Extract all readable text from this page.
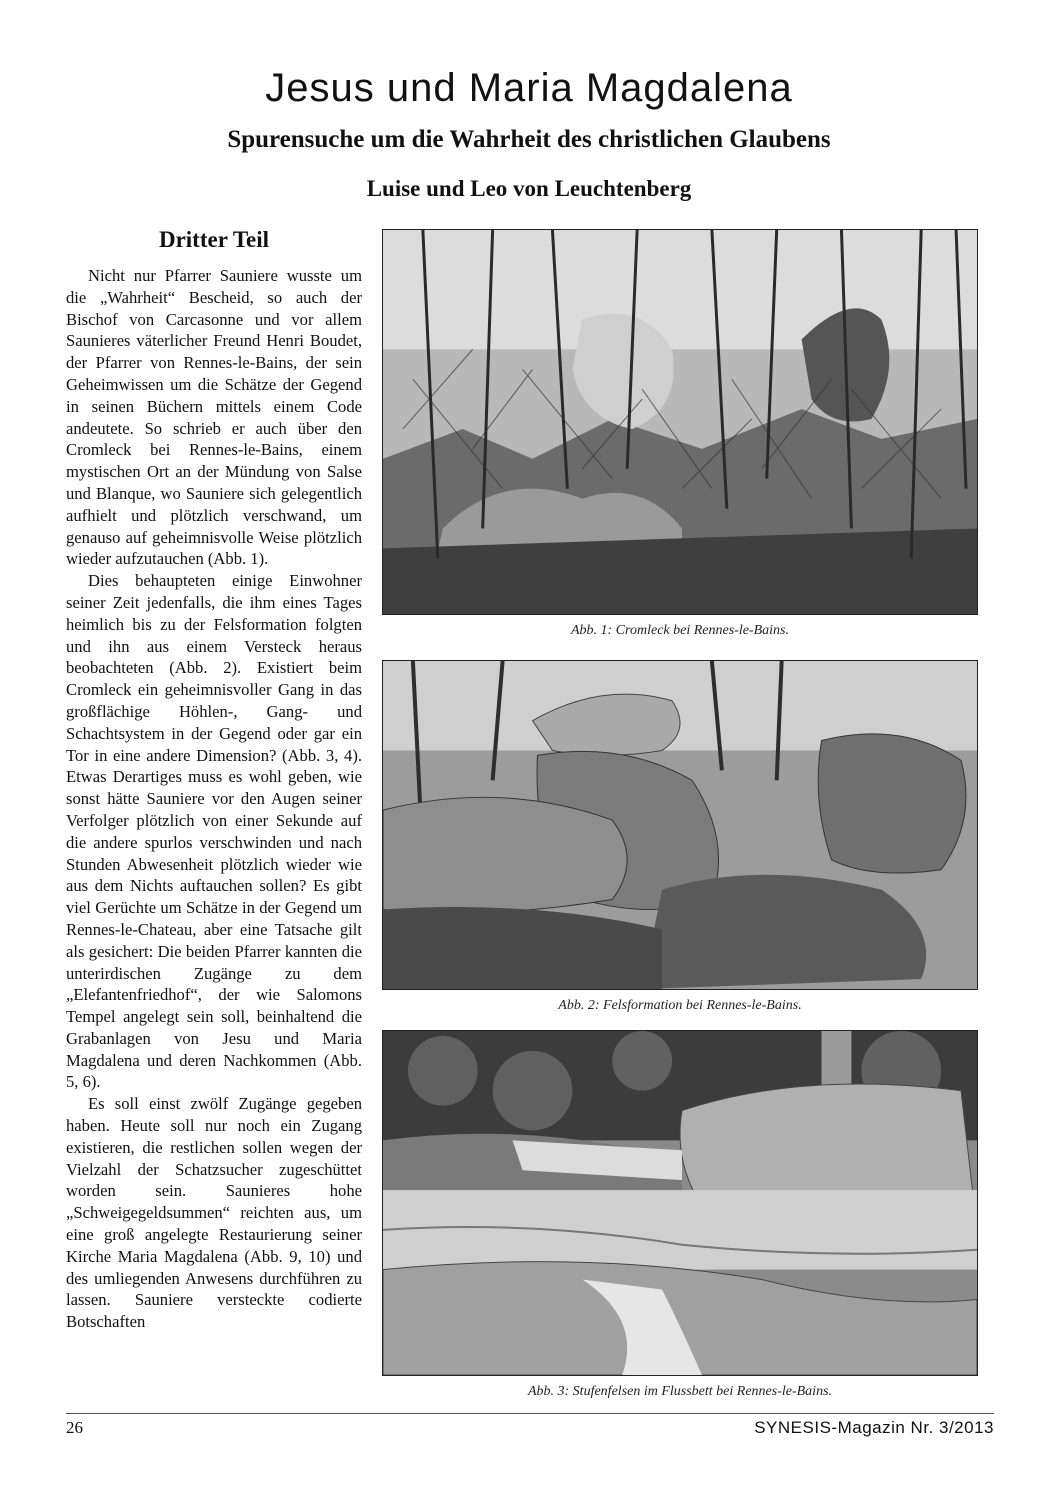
Jesus und Maria Magdalena
Spurensuche um die Wahrheit des christlichen Glaubens
Luise und Leo von Leuchtenberg
Dritter Teil

Nicht nur Pfarrer Sauniere wusste um die „Wahrheit“ Bescheid, so auch der Bischof von Carcasonne und vor allem Saunieres väterlicher Freund Henri Boudet, der Pfarrer von Rennes-le-Bains, der sein Geheimwissen um die Schätze der Gegend in seinen Büchern mittels einem Code andeutete. So schrieb er auch über den Cromleck bei Rennes-le-Bains, einem mystischen Ort an der Mündung von Salse und Blanque, wo Sauniere sich gelegentlich aufhielt und plötzlich verschwand, um genauso auf geheimnisvolle Weise plötzlich wieder aufzutauchen (Abb. 1).

Dies behaupteten einige Einwohner seiner Zeit jedenfalls, die ihm eines Tages heimlich bis zu der Felsformation folgten und ihn aus einem Versteck heraus beobachteten (Abb. 2). Existiert beim Cromleck ein geheimnisvoller Gang in das großflächige Höhlen-, Gang- und Schachtsystem in der Gegend oder gar ein Tor in eine andere Dimension? (Abb. 3, 4). Etwas Derartiges muss es wohl geben, wie sonst hätte Sauniere vor den Augen seiner Verfolger plötzlich von einer Sekunde auf die andere spurlos verschwinden und nach Stunden Abwesenheit plötzlich wieder wie aus dem Nichts auftauchen sollen? Es gibt viel Gerüchte um Schätze in der Gegend um Rennes-le-Chateau, aber eine Tatsache gilt als gesichert: Die beiden Pfarrer kannten die unterirdischen Zugänge zu dem „Elefantenfriedhof“, der wie Salomons Tempel angelegt sein soll, beinhaltend die Grabanlagen von Jesu und Maria Magdalena und deren Nachkommen (Abb. 5, 6).

Es soll einst zwölf Zugänge gegeben haben. Heute soll nur noch ein Zugang existieren, die restlichen sollen wegen der Vielzahl der Schatzsucher zugeschüttet worden sein. Saunieres hohe „Schweigegeldsummen“ reichten aus, um eine groß angelegte Restaurierung seiner Kirche Maria Magdalena (Abb. 9, 10) und des umliegenden Anwesens durchführen zu lassen. Sauniere versteckte codierte Botschaften

Abb. 1: Cromleck bei Rennes-le-Bains.
Abb. 2: Felsformation bei Rennes-le-Bains.
Abb. 3: Stufenfelsen im Flussbett bei Rennes-le-Bains.
26	SYNESIS-Magazin Nr. 3/2013
